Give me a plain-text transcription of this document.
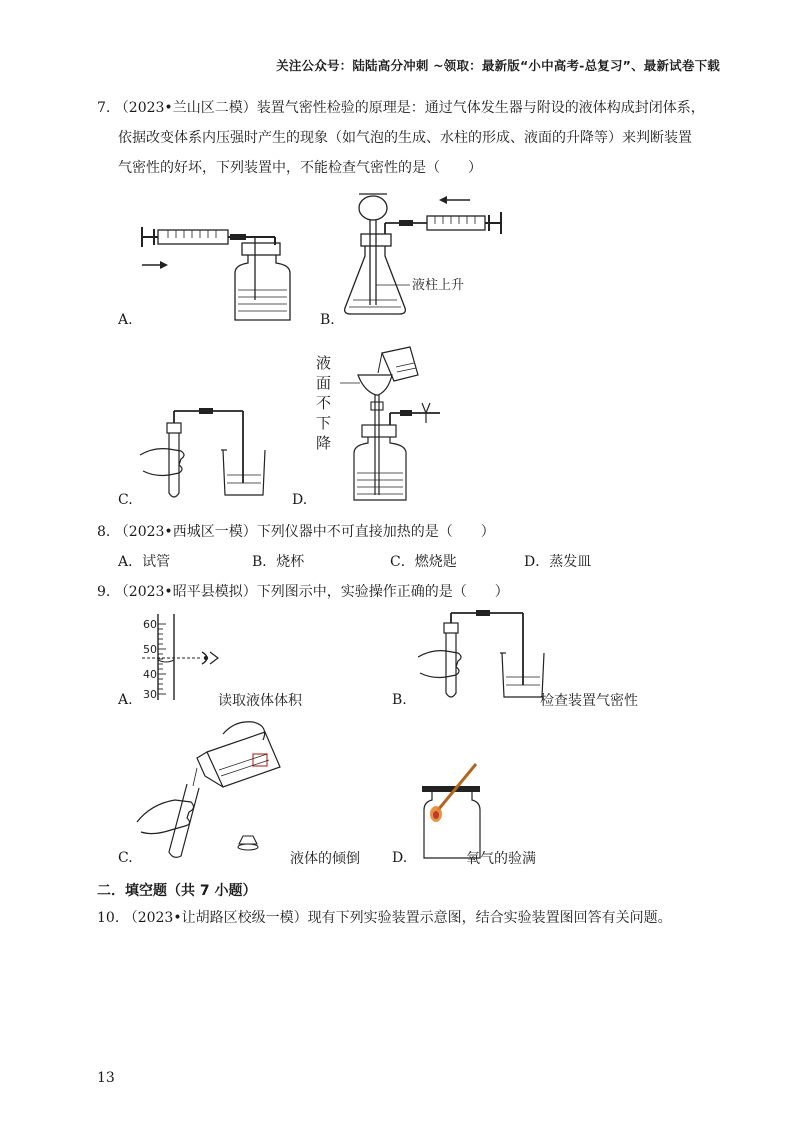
关注公众号：陆陆高分冲刺 ~领取：最新版“小中高考-总复习”、最新试卷下载
7. （2023•兰山区二模）装置气密性检验的原理是：通过气体发生器与附设的液体构成封闭体系，
依据改变体系内压强时产生的现象（如气泡的生成、水柱的形成、液面的升降等）来判断装置
气密性的好坏，下列装置中，不能检查气密性的是（　　）
A.
液柱上升
B.
C.
液
面
不
下
降
D.
8. （2023•西城区一模）下列仪器中不可直接加热的是（　　）
A．试管	B．烧杯	C．燃烧匙	D．蒸发皿
9. （2023•昭平县模拟）下列图示中，实验操作正确的是（　　）
60
50
40
30
A.	读取液体体积	B.	检查装置气密性
C.	液体的倾倒 D.	氧气的验满
二．填空题（共 7 小题）
10. （2023•让胡路区校级一模）现有下列实验装置示意图，结合实验装置图回答有关问题。
13
